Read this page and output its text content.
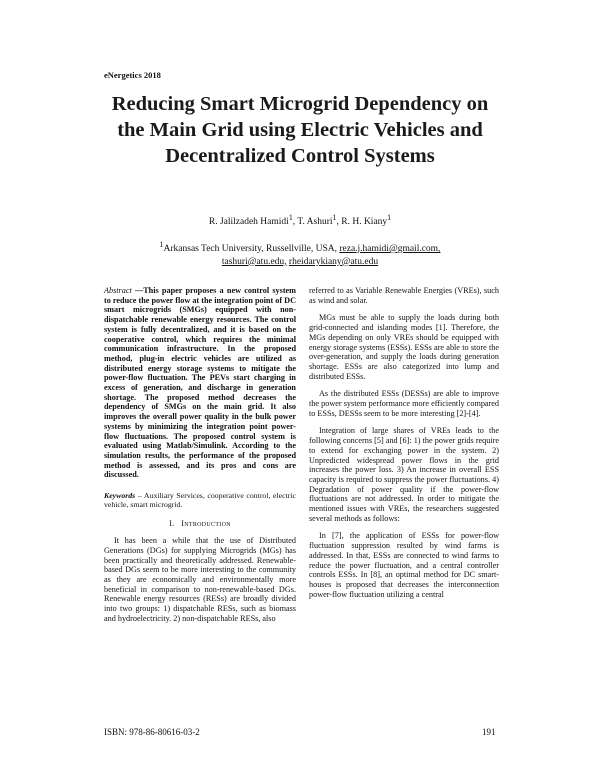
eNergetics 2018
Reducing Smart Microgrid Dependency on the Main Grid using Electric Vehicles and Decentralized Control Systems
R. Jalilzadeh Hamidi$^1$, T. Ashuri$^1$, R. H. Kiany$^1$
$^1$Arkansas Tech University, Russellville, USA, reza.j.hamidi@gmail.com,
tashuri@atu.edu, rheidarykiany@atu.edu
Abstract —This paper proposes a new control system to reduce the power flow at the integration point of DC smart microgrids (SMGs) equipped with non-dispatchable renewable energy resources. The control system is fully decentralized, and it is based on the cooperative control, which requires the minimal communication infrastructure. In the proposed method, plug-in electric vehicles are utilized as distributed energy storage systems to mitigate the power-flow fluctuation. The PEVs start charging in excess of generation, and discharge in generation shortage. The proposed method decreases the dependency of SMGs on the main grid. It also improves the overall power quality in the bulk power systems by minimizing the integration point power-flow fluctuations. The proposed control system is evaluated using Matlab/Simulink. According to the simulation results, the performance of the proposed method is assessed, and its pros and cons are discussed.
Keywords – Auxiliary Services, cooperative control, electric vehicle, smart microgrid.
I. Introduction

It has been a while that the use of Distributed Generations (DGs) for supplying Microgrids (MGs) has been practically and theoretically addressed. Renewable-based DGs seem to be more interesting to the community as they are economically and environmentally more beneficial in comparison to non-renewable-based DGs. Renewable energy resources (RESs) are broadly divided into two groups: 1) dispatchable RESs, such as biomass and hydroelectricity. 2) non-dispatchable RESs, also

referred to as Variable Renewable Energies (VREs), such as wind and solar.

MGs must be able to supply the loads during both grid-connected and islanding modes [1]. Therefore, the MGs depending on only VREs should be equipped with energy storage systems (ESSs). ESSs are able to store the over-generation, and supply the loads during generation shortage. ESSs are also categorized into lump and distributed ESSs.

As the distributed ESSs (DESSs) are able to improve the power system performance more efficiently compared to ESSs, DESSs seem to be more interesting [2]-[4].

Integration of large shares of VREs leads to the following concerns [5] and [6]: 1) the power grids require to extend for exchanging power in the system. 2) Unpredicted widespread power flows in the grid increases the power loss. 3) An increase in overall ESS capacity is required to suppress the power fluctuations. 4) Degradation of power quality if the power-flow fluctuations are not addressed. In order to mitigate the mentioned issues with VREs, the researchers suggested several methods as follows:

In [7], the application of ESSs for power-flow fluctuation suppression resulted by wind farms is addressed. In that, ESSs are connected to wind farms to reduce the power fluctuation, and a central controller controls ESSs. In [8], an optimal method for DC smart-houses is proposed that decreases the interconnection power-flow fluctuation utilizing a central

ISBN: 978-86-80616-03-2	191
